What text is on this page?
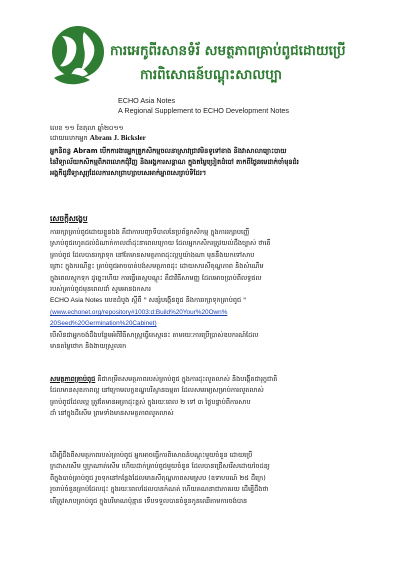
ការអេកូពីរសានទំរ័ សមត្ថភាពគ្រាប់ពូជដោយប្រើ
ការពិសោធន៍បណ្ដុះសាលប្បា
ECHO Asia Notes
A Regional Supplement to ECHO Development Notes
លេខ ១១ ខែតុលា ឆ្នាំ២០១១
ដោយលោកអ្នក Abram J. Bicksler
អ្នកនិពន្ធ Abram បើកការងារអ្នកគ្រូកសិកម្មចលនាស្រាវជ្រាវមិនទូទៅខាង និងវាសាលារ្យោះបាយ
នៃវិទ្យាល័យកសិកម្មពិភពលោកជុំវិញ និងអង្គការសន្ដាណ ក្នុងតម្លៃប្រៀតដំបៅ តាកពីថ្ងៃឆមេដាក់ចាំមុនដំរ
អង្គកីដូវវិទ្យាសូរ្យដែលការសាព្រាហ្សាបសេអាក់អ្នាពសេរ្រាប់ទិដែរ។
សេចក្ដីសង្ខេប
ការរក្សាគ្រាប់ពូជដោយខ្លួនឯង គឺជាការបញ្ជាទីបាលនៃប្រព័ន្ធកសិកម្ម ក្នុងការរក្សាបញ្ញើ
ស្រាប់ពូជរហូតដល់ដំណាក់កាលដាំដុះនាពេលក្រោយ ដែលអ្នកកសិករត្រូវយល់ដឹងច្បាស់ ថាតើ
គ្រាប់ពូជ ដែលបានរក្សាទុក នៅតែមានសមត្ថភាពដុះល្អឬយ៉ាងណា មុននឹងយកទៅសាប
ព្រោះ ក្នុងករណីខ្លះ គ្រាប់ពូជអាចបាត់បង់សមត្ថភាពដុះ ដោយសារសីតុណ្ហភាព និងសំណើម
ក្នុងពេលស្តុកទុក ដូច្នេះហើយ ការធ្វើតេស្តបណ្ដុះ គឺជាវិធីសាមញ្ញ ដែលអាចប្រាប់ពីលទ្ធផល
របស់គ្រាប់ពូជមុនពេលដាំ សូមអានឯកសារ
ECHO Asia Notes លេខដំបូង ស្ដីពី " សន្សំបង្កើនពូជ និងការរក្សាទុកគ្រាប់ពូជ "
(www.echonet.org/repository#1003:d:Build%20Your%20Own%
20Seed%20Germination%20Cabinet)
បើសិនជាអ្នកចង់ដឹងបន្ថែមអំពីវិធីសាស្ត្រធ្វើតេស្តនេះ តាមរយៈការប្រើប្រាស់ឧបករណ៍ដែល
មានតម្លៃថោក និងងាយស្រួលរក
សមត្ថភាពគ្រាប់ពូជ គឺជាកម្រិតសមត្ថភាពរបស់គ្រាប់ពូជ ក្នុងការដុះលូតលាស់ និងបង្កើតជារុក្ខជាតិ
ដែលមានសុខភាពល្អ នៅក្រោមលក្ខខណ្ឌបរិស្ថានធម្មតា ដែលសមរម្យសម្រាប់ការលូតលាស់
គ្រាប់ពូជដែលល្អ ត្រូវតែមានអត្រាដុះខ្ពស់ ក្នុងរយៈពេល ២ ទៅ ៣ ថ្ងៃបន្ទាប់ពីការសាប
ដាំ នៅក្នុងដីសើម ព្រមទាំងមានសមត្ថភាពលូតលាស់
ដើម្បីដឹងពីសមត្ថភាពរបស់គ្រាប់ពូជ អ្នកអាចធ្វើការពិសោធន៍បណ្ដុះមួយចំនួន ដោយប្រើ
ក្រដាសសើម ឬក្រណាត់សើម ហើយដាក់គ្រាប់ពូជមួយចំនួន ដែលបានជ្រើសរើសដោយចៃដន្យ
ពីក្នុងបាច់គ្រាប់ពូជ រួចទុកនៅកន្លែងដែលមានសីតុណ្ហភាពសមស្រប (ឧទាហរណ៍ ២៥ ដឺក្រេ)
រួចរាប់ចំនួនគ្រាប់ដែលដុះ ក្នុងរយៈពេលដែលបានកំណត់ ហើយគណនាជាភាគរយ ដើម្បីដឹងថា
តើត្រូវសាបគ្រាប់ពូជ ក្នុងបរិមាណប៉ុន្មាន ទើបទទួលបានចំនួនកូនឈើតាមការចង់បាន
